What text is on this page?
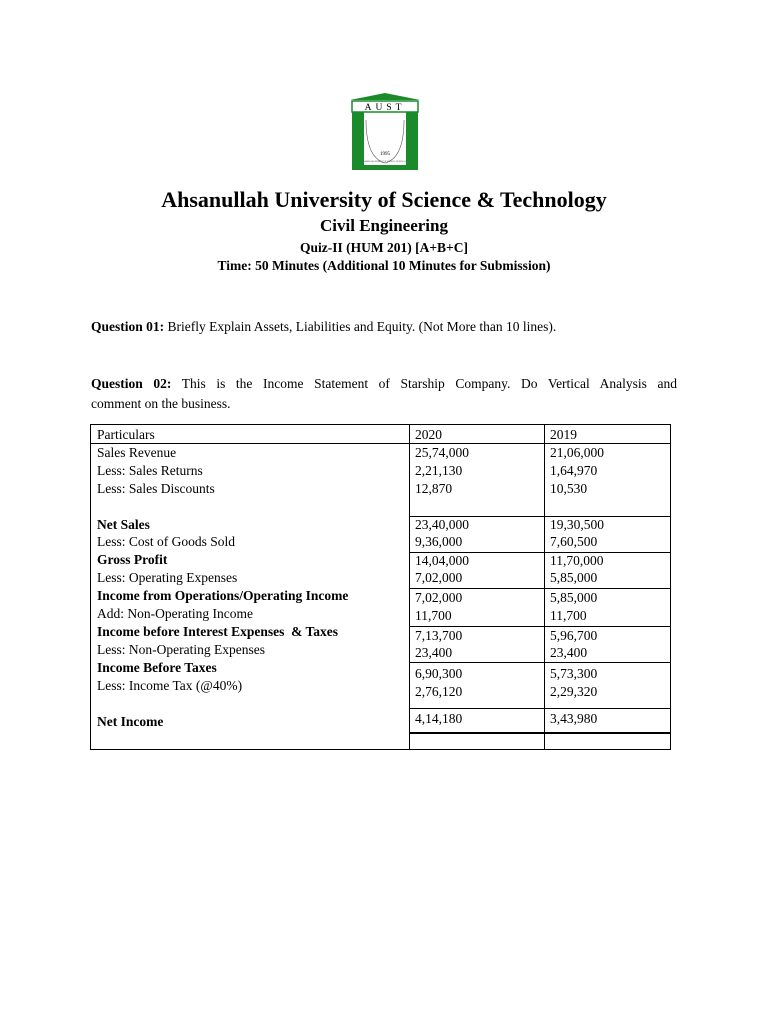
AUST
1995
AHSANULLAH UNIVERSITY OF SCIENCE & TECHNOLOGY
Ahsanullah University of Science & Technology
Civil Engineering
Quiz-II (HUM 201) [A+B+C]
Time: 50 Minutes (Additional 10 Minutes for Submission)
Question 01: Briefly Explain Assets, Liabilities and Equity. (Not More than 10 lines).
Question 02: This is the Income Statement of Starship Company. Do Vertical Analysis and
comment on the business.
Particulars	2020	2019
Sales Revenue
Less: Sales Returns
Less: Sales Discounts
Net Sales
Less: Cost of Goods Sold
Gross Profit
Less: Operating Expenses
Income from Operations/Operating Income
Add: Non-Operating Income
Income before Interest Expenses  & Taxes
Less: Non-Operating Expenses
Income Before Taxes
Less: Income Tax (@40%)
Net Income
25,74,000
2,21,130
12,870
23,40,000
9,36,000
14,04,000
7,02,000
7,02,000
11,700
7,13,700
23,400
6,90,300
2,76,120
4,14,180
21,06,000
1,64,970
10,530
19,30,500
7,60,500
11,70,000
5,85,000
5,85,000
11,700
5,96,700
23,400
5,73,300
2,29,320
3,43,980
